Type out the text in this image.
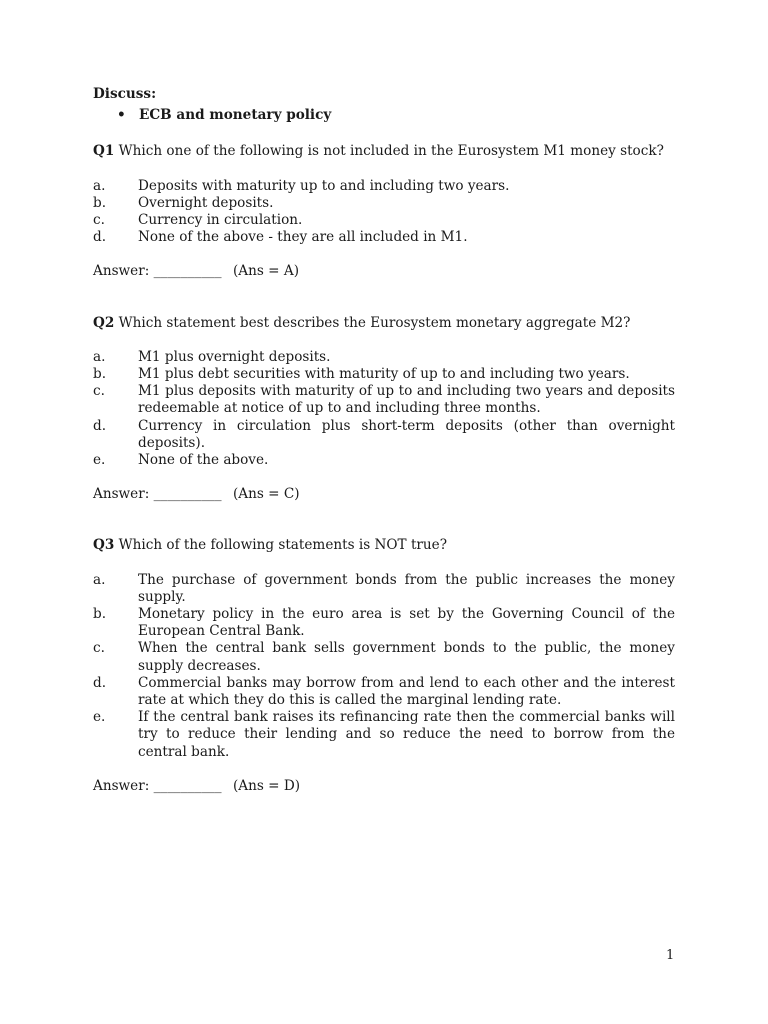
Discuss:

• ECB and monetary policy

Q1 Which one of the following is not included in the Eurosystem M1 money stock?

a.	Deposits with maturity up to and including two years.
b.	Overnight deposits.
c.	Currency in circulation.
d.	None of the above - they are all included in M1.
Answer: __________ (Ans = A)

Q2 Which statement best describes the Eurosystem monetary aggregate M2?

a.	M1 plus overnight deposits.
b.	M1 plus debt securities with maturity of up to and including two years.
c.	M1 plus deposits with maturity of up to and including two years and deposits redeemable at notice of up to and including three months.
d.	Currency in circulation plus short-term deposits (other than overnight deposits).
e.	None of the above.
Answer: __________ (Ans = C)

Q3 Which of the following statements is NOT true?

a.	The purchase of government bonds from the public increases the money supply.
b.	Monetary policy in the euro area is set by the Governing Council of the European Central Bank.
c.	When the central bank sells government bonds to the public, the money supply decreases.
d.	Commercial banks may borrow from and lend to each other and the interest rate at which they do this is called the marginal lending rate.
e.	If the central bank raises its refinancing rate then the commercial banks will try to reduce their lending and so reduce the need to borrow from the central bank.
Answer: __________ (Ans = D)
1
